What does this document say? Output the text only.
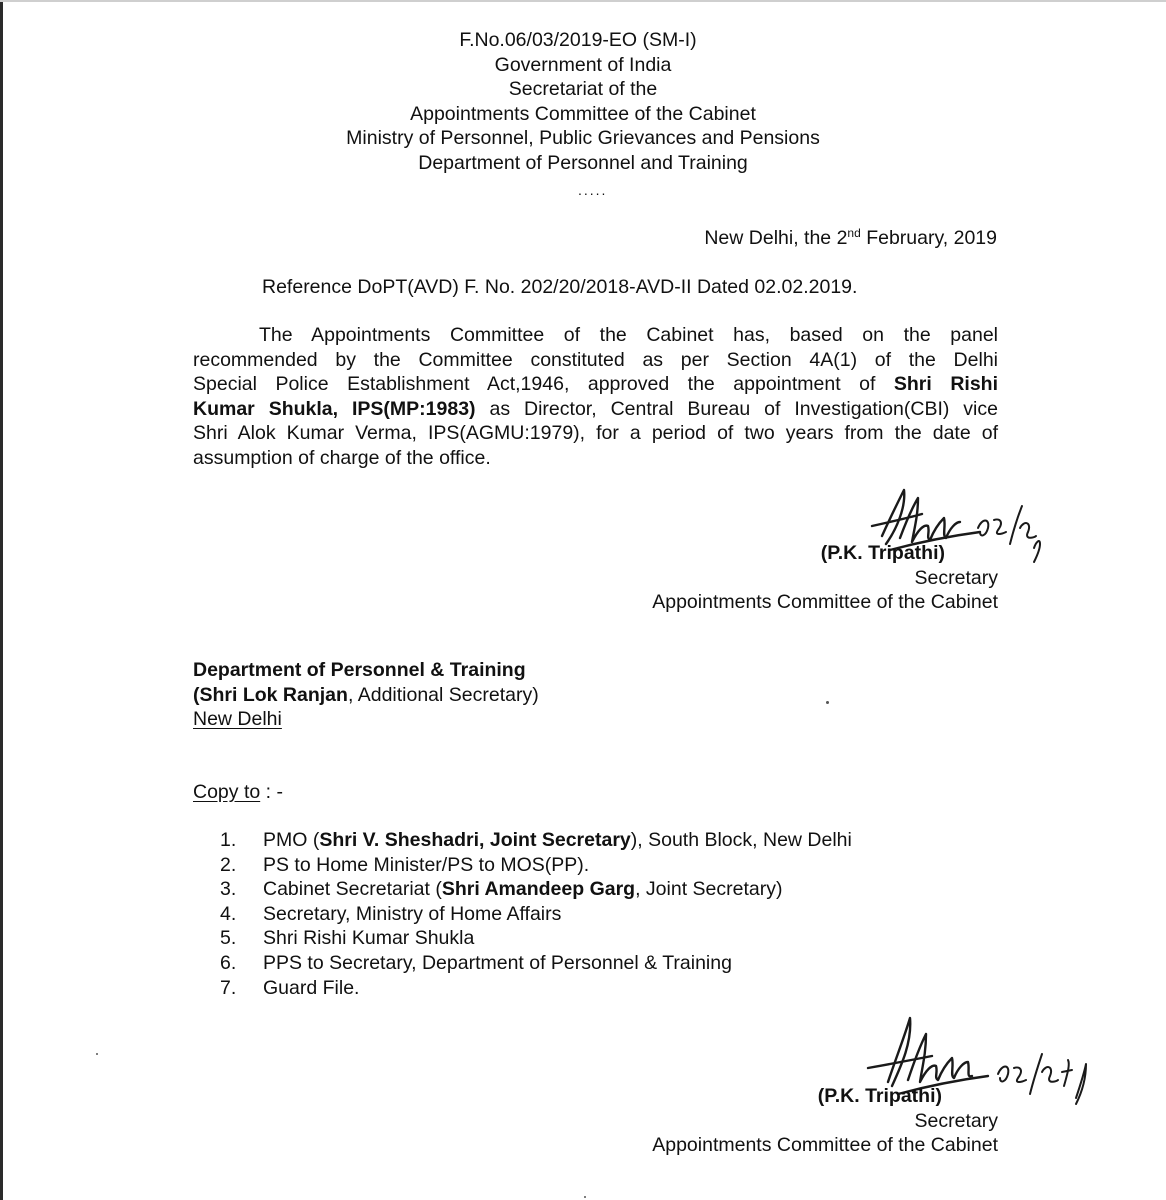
F.No.06/03/2019-EO (SM-I)
Government of India
Secretariat of the
Appointments Committee of the Cabinet
Ministry of Personnel, Public Grievances and Pensions
Department of Personnel and Training
.....
New Delhi, the 2nd February, 2019
Reference DoPT(AVD) F. No. 202/20/2018-AVD-II Dated 02.02.2019.
The Appointments Committee of the Cabinet has, based on the panel
recommended by the Committee constituted as per Section 4A(1) of the Delhi
Special Police Establishment Act,1946, approved the appointment of Shri Rishi
Kumar Shukla, IPS(MP:1983) as Director, Central Bureau of Investigation(CBI) vice
Shri Alok Kumar Verma, IPS(AGMU:1979), for a period of two years from the date of
assumption of charge of the office.
(P.K. Tripathi)
Secretary
Appointments Committee of the Cabinet
Department of Personnel & Training
(Shri Lok Ranjan, Additional Secretary)
New Delhi
Copy to : -
1. PMO (Shri V. Sheshadri, Joint Secretary), South Block, New Delhi
2. PS to Home Minister/PS to MOS(PP).
3. Cabinet Secretariat (Shri Amandeep Garg, Joint Secretary)
4. Secretary, Ministry of Home Affairs
5. Shri Rishi Kumar Shukla
6. PPS to Secretary, Department of Personnel & Training
7. Guard File.
(P.K. Tripathi)
Secretary
Appointments Committee of the Cabinet
